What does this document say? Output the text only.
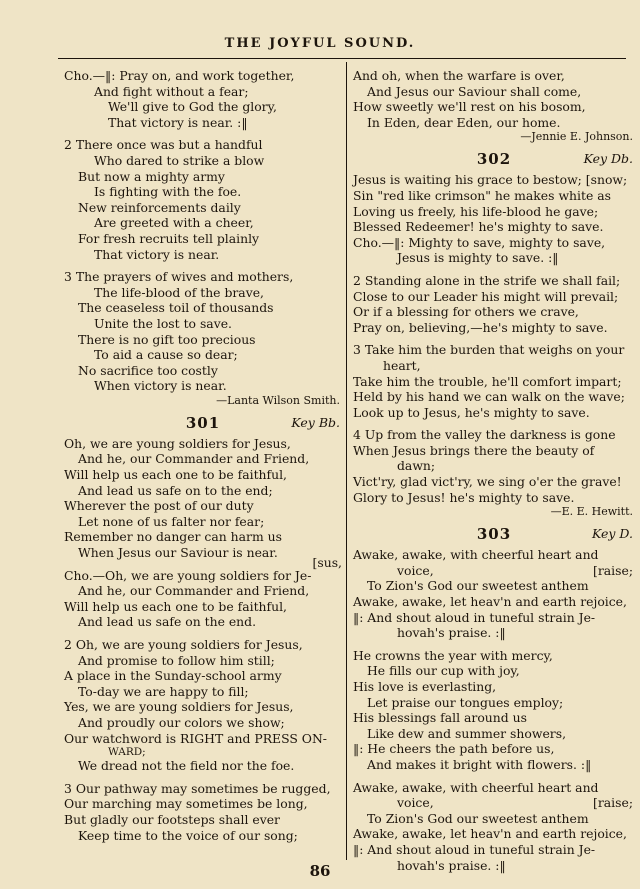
THE JOYFUL SOUND.
Cho.—‖: Pray on, and work together,
And fight without a fear;
We'll give to God the glory,
That victory is near. :‖
2 There once was but a handful
Who dared to strike a blow
But now a mighty army
Is fighting with the foe.
New reinforcements daily
Are greeted with a cheer,
For fresh recruits tell plainly
That victory is near.
3 The prayers of wives and mothers,
The life-blood of the brave,
The ceaseless toil of thousands
Unite the lost to save.
There is no gift too precious
To aid a cause so dear;
No sacrifice too costly
When victory is near.
—Lanta Wilson Smith.
301	Key Bb.
Oh, we are young soldiers for Jesus,
And he, our Commander and Friend,
Will help us each one to be faithful,
And lead us safe on to the end;
Wherever the post of our duty
Let none of us falter nor fear;
Remember no danger can harm us
When Jesus our Saviour is near.
[sus,
Cho.—Oh, we are young soldiers for Je-
And he, our Commander and Friend,
Will help us each one to be faithful,
And lead us safe on the end.
2 Oh, we are young soldiers for Jesus,
And promise to follow him still;
A place in the Sunday-school army
To-day we are happy to fill;
Yes, we are young soldiers for Jesus,
And proudly our colors we show;
Our watchword is RIGHT and PRESS ON-
WARD;
We dread not the field nor the foe.
3 Our pathway may sometimes be rugged,
Our marching may sometimes be long,
But gladly our footsteps shall ever
Keep time to the voice of our song;
And oh, when the warfare is over,
And Jesus our Saviour shall come,
How sweetly we'll rest on his bosom,
In Eden, dear Eden, our home.
—Jennie E. Johnson.
302	Key Db.
Jesus is waiting his grace to bestow; [snow;
Sin "red like crimson" he makes white as
Loving us freely, his life-blood he gave;
Blessed Redeemer! he's mighty to save.
Cho.—‖: Mighty to save, mighty to save,
Jesus is mighty to save. :‖
2 Standing alone in the strife we shall fail;
Close to our Leader his might will prevail;
Or if a blessing for others we crave,
Pray on, believing,—he's mighty to save.
3 Take him the burden that weighs on your
heart,
Take him the trouble, he'll comfort impart;
Held by his hand we can walk on the wave;
Look up to Jesus, he's mighty to save.
4 Up from the valley the darkness is gone
When Jesus brings there the beauty of
dawn;
Vict'ry, glad vict'ry, we sing o'er the grave!
Glory to Jesus! he's mighty to save.
—E. E. Hewitt.
303	Key D.
Awake, awake, with cheerful heart and
voice,	[raise;
To Zion's God our sweetest anthem
Awake, awake, let heav'n and earth rejoice,
‖: And shout aloud in tuneful strain Je-
hovah's praise. :‖
He crowns the year with mercy,
He fills our cup with joy,
His love is everlasting,
Let praise our tongues employ;
His blessings fall around us
Like dew and summer showers,
‖: He cheers the path before us,
And makes it bright with flowers. :‖
Awake, awake, with cheerful heart and
voice,	[raise;
To Zion's God our sweetest anthem
Awake, awake, let heav'n and earth rejoice,
‖: And shout aloud in tuneful strain Je-
hovah's praise. :‖
86
